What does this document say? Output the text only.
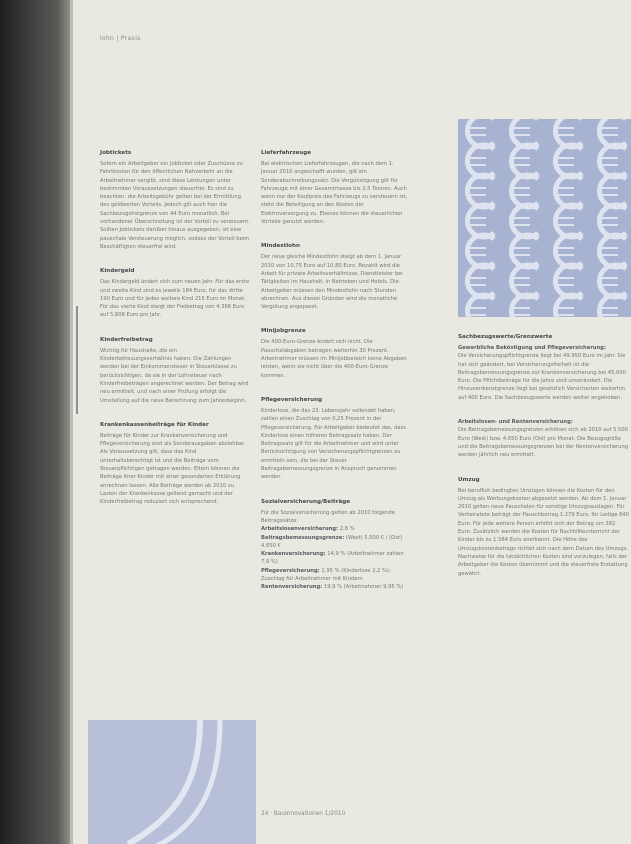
lohn | Praxis
Jobtickets

Sofern ein Arbeitgeber ein Jobticket oder Zuschüsse zu Fahrtkosten für den öffentlichen Nahverkehr an die Arbeitnehmer vergibt, sind diese Leistungen unter bestimmten Voraussetzungen steuerfrei. Es sind zu beachten: die Arbeitsgebühr gelten bei der Ermittlung des geldwerten Vorteils. Jedoch gilt auch hier die Sachbezugsfreigrenze von 44 Euro monatlich. Bei vorhandener Überschreitung ist der Vorteil zu versteuern. Sollten Jobtickets darüber hinaus ausgegeben, ist eine pauschale Versteuerung möglich, sodass der Vorteil beim Beschäftigten steuerfrei wird.

Kindergeld

Das Kindergeld ändert sich zum neuen Jahr. Für das erste und zweite Kind sind es jeweils 184 Euro, für das dritte 190 Euro und für jedes weitere Kind 215 Euro im Monat. Für das vierte Kind steigt der Freibetrag von 4.368 Euro auf 5.808 Euro pro Jahr.

Kinderfreibetrag

Wichtig für Haushalte, die ein Kinderbetreuungsverhältnis haben: Die Zahlungen werden bei der Einkommensteuer in Steuerklasse zu berücksichtigen, da sie in der Lohnsteuer nach Kinderfreibeträgen angerechnet werden. Der Betrag wird neu ermittelt, und nach einer Prüfung erfolgt die Umstellung auf die neue Berechnung zum Jahresbeginn.

Krankenkassenbeiträge für Kinder

Beiträge für Kinder zur Krankenversicherung und Pflegeversicherung sind als Sonderausgaben abziehbar. Als Voraussetzung gilt, dass das Kind unterhaltsberechtigt ist und die Beiträge vom Steuerpflichtigen getragen werden. Eltern können die Beiträge ihrer Kinder mit einer gesonderten Erklärung anrechnen lassen. Alle Beiträge werden ab 2010 zu Lasten der Krankenkasse geltend gemacht und der Kinderfreibetrag reduziert sich entsprechend.

Lieferfahrzeuge

Bei elektrischen Lieferfahrzeugen, die nach dem 1. Januar 2010 angeschafft wurden, gilt ein Sonderabschreibungssatz. Die Vergünstigung gilt für Fahrzeuge mit einer Gesamtmasse bis 3,5 Tonnen. Auch wenn nur der Kaufpreis des Fahrzeugs zu versteuern ist, steht die Beteiligung an den Kosten der Elektroversorgung zu. Ebenso können die steuerlichen Vorteile genutzt werden.

Mindestlohn

Der neue gleiche Mindestlohn steigt ab dem 1. Januar 2010 von 10,75 Euro auf 10,80 Euro. Bezahlt wird die Arbeit für private Arbeitsverhältnisse, Dienstleister bei Tätigkeiten im Haushalt, in Betrieben und Hotels. Die Arbeitgeber müssen den Mindestlohn nach Stunden abrechnen. Aus diesen Gründen wird die monatliche Vergütung angepasst.

Minijobgrenze

Die 400-Euro-Grenze ändert sich nicht. Die Pauschalabgaben betragen weiterhin 30 Prozent. Arbeitnehmer müssen im Minijobbereich keine Abgaben leisten, wenn sie nicht über die 400-Euro-Grenze kommen.

Pflegeversicherung

Kinderlose, die das 23. Lebensjahr vollendet haben, zahlen einen Zuschlag von 0,25 Prozent in der Pflegeversicherung. Für Arbeitgeber bedeutet das, dass Kinderlose einen höheren Beitragssatz haben. Der Beitragssatz gilt für die Arbeitnehmer und wird unter Berücksichtigung von Versicherungspflichtgrenzen zu ermitteln sein, die bei der Steuer Beitragsbemessungsgrenze in Anspruch genommen werden.

Sozialversicherung/Beiträge

Für die Sozialversicherung gelten ab 2010 folgende Beitragssätze:

Arbeitslosenversicherung: 2,8 %

Beitragsbemessungsgrenze: (West) 5.500 € / (Ost) 4.650 €

Krankenversicherung: 14,9 % (Arbeitnehmer zahlen 7,9 %)

Pflegeversicherung: 1,95 % (Kinderlose 2,2 %); Zuschlag für Arbeitnehmer mit Kindern

Rentenversicherung: 19,9 % (Arbeitnehmer 9,95 %)

Sachbezugswerte/Grenzwerte

Gewerbliche Beköstigung und Pflegeversicherung:

Die Versicherungspflichtgrenze liegt bei 49.950 Euro im Jahr. Sie hat sich geändert, bei Versicherungsfreiheit ist die Beitragsbemessungsgrenze zur Krankenversicherung bei 45.000 Euro. Die Pflichtbeiträge für die Jahre sind unverändert. Die Hinzuverdienstgrenze liegt bei gesetzlich Versicherten weiterhin auf 400 Euro. Die Sachbezugswerte werden weiter angehoben.

Arbeitslosen- und Rentenversicherung:

Die Beitragsbemessungsgrenzen erhöhen sich ab 2010 auf 5.500 Euro (West) bzw. 4.650 Euro (Ost) pro Monat. Die Bezugsgröße und die Beitragsbemessungsgrenzen bei der Rentenversicherung werden jährlich neu ermittelt.

Umzug

Bei beruflich bedingten Umzügen können die Kosten für den Umzug als Werbungskosten abgesetzt werden. Ab dem 1. Januar 2010 gelten neue Pauschalen für sonstige Umzugsauslagen. Für Verheiratete beträgt der Pauschbetrag 1.279 Euro, für Ledige 640 Euro. Für jede weitere Person erhöht sich der Betrag um 282 Euro. Zusätzlich werden die Kosten für Nachhilfeunterricht der Kinder bis zu 1.584 Euro anerkannt. Die Höhe des Umzugskostenbetrags richtet sich nach dem Datum des Umzugs. Nachweise für die tatsächlichen Kosten sind vorzulegen, falls der Arbeitgeber die Kosten übernimmt und die steuerfreie Erstattung gewährt.

24 · Bauinnovationen 1/2010
